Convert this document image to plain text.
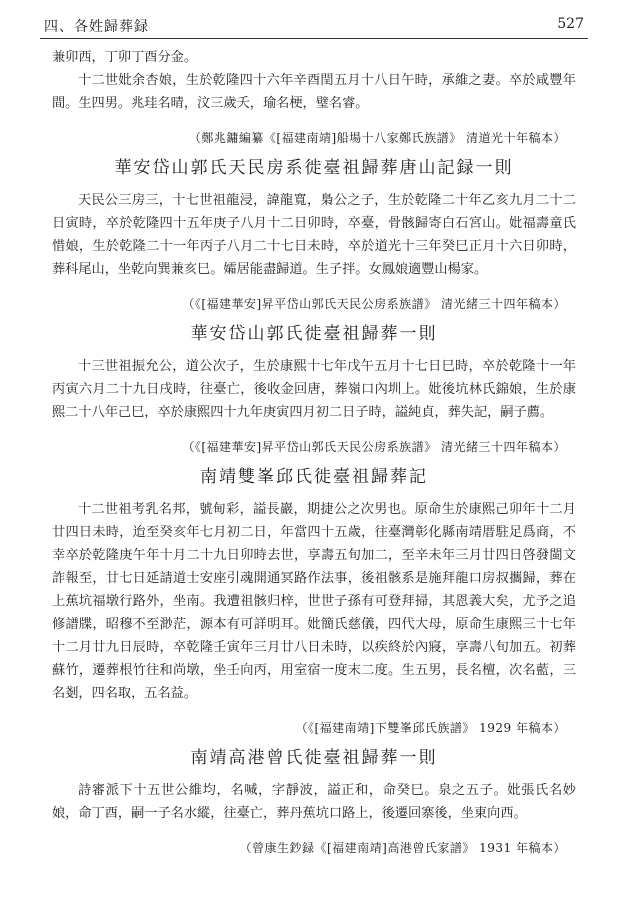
四、各姓歸葬録	527

兼卯西，丁卯丁酉分金。

十二世妣余杏娘，生於乾隆四十六年辛酉閏五月十八日午時，承維之妻。卒於咸豐年間。生四男。兆珪名晴，汶三歲夭，瑜名梗，璧名睿。

（鄭兆鏞編纂《[福建南靖]船場十八家鄭氏族譜》 清道光十年稿本）
華安岱山郭氏天民房系徙臺祖歸葬唐山記録一則

天民公三房三，十七世祖龍浸，諱龍寬，梟公之子，生於乾隆二十年乙亥九月二十二日寅時，卒於乾隆四十五年庚子八月十二日卯時，卒臺，骨骸歸寄白石宮山。妣福壽童氏惜娘，生於乾隆二十一年丙子八月二十七日未時，卒於道光十三年癸巳正月十六日卯時，葬科尾山，坐乾向巽兼亥巳。孀居能盡歸道。生子拌。女鳳娘適豐山楊家。

（《[福建華安]昇平岱山郭氏天民公房系族譜》 清光緒三十四年稿本）
華安岱山郭氏徙臺祖歸葬一則

十三世祖振允公，道公次子，生於康熙十七年戊午五月十七日巳時，卒於乾隆十一年丙寅六月二十九日戌時，往臺亡，後收金回唐，葬嶺口內圳上。妣後坑林氏錦娘，生於康熙二十八年己巳，卒於康熙四十九年庚寅四月初二日子時，謚純貞，葬失記，嗣子薦。

（《[福建華安]昇平岱山郭氏天民公房系族譜》 清光緒三十四年稿本）
南靖雙峯邱氏徙臺祖歸葬記

十二世祖考乳名邦，號甸彩，謚長巖，期捷公之次男也。原命生於康熙己卯年十二月廿四日未時，迨至癸亥年七月初二日，年當四十五歲，往臺灣彰化縣南靖厝駐足爲商，不幸卒於乾隆庚午年十月二十九日卯時去世，享壽五旬加二，至辛未年三月廿四日啓發閩文詐報至，廿七日延請道士安座引魂開通冥路作法事，後祖骸系是施拜龍口房叔攜歸，葬在上蕉坑福墩行路外，坐南。我遭祖骸归梓，世世子孫有可登拜掃，其恩義大矣，尤予之追修譜牒，昭穆不至渺茫，源本有可詳明耳。妣簡氏慈儀，四代大母，原命生康熙三十七年十二月廿九日辰時，卒乾隆壬寅年三月廿八日未時，以疾終於內寢，享壽八旬加五。初葬蘇竹，遷葬根竹往和尚墩，坐壬向丙，用室宿一度末二度。生五男，長名檀，次名藍，三名剗，四名取，五名益。

（《[福建南靖]下雙峯邱氏族譜》 1929 年稿本）
南靖高港曾氏徙臺祖歸葬一則

詩審派下十五世公維均，名喊，字靜波，謚正和，命癸巳。泉之五子。妣張氏名妙娘，命丁酉，嗣一子名水縱，往臺亡，葬丹蕉坑口路上，後遷回寨後，坐東向西。

（曾康生鈔録《[福建南靖]高港曾氏家譜》 1931 年稿本）
